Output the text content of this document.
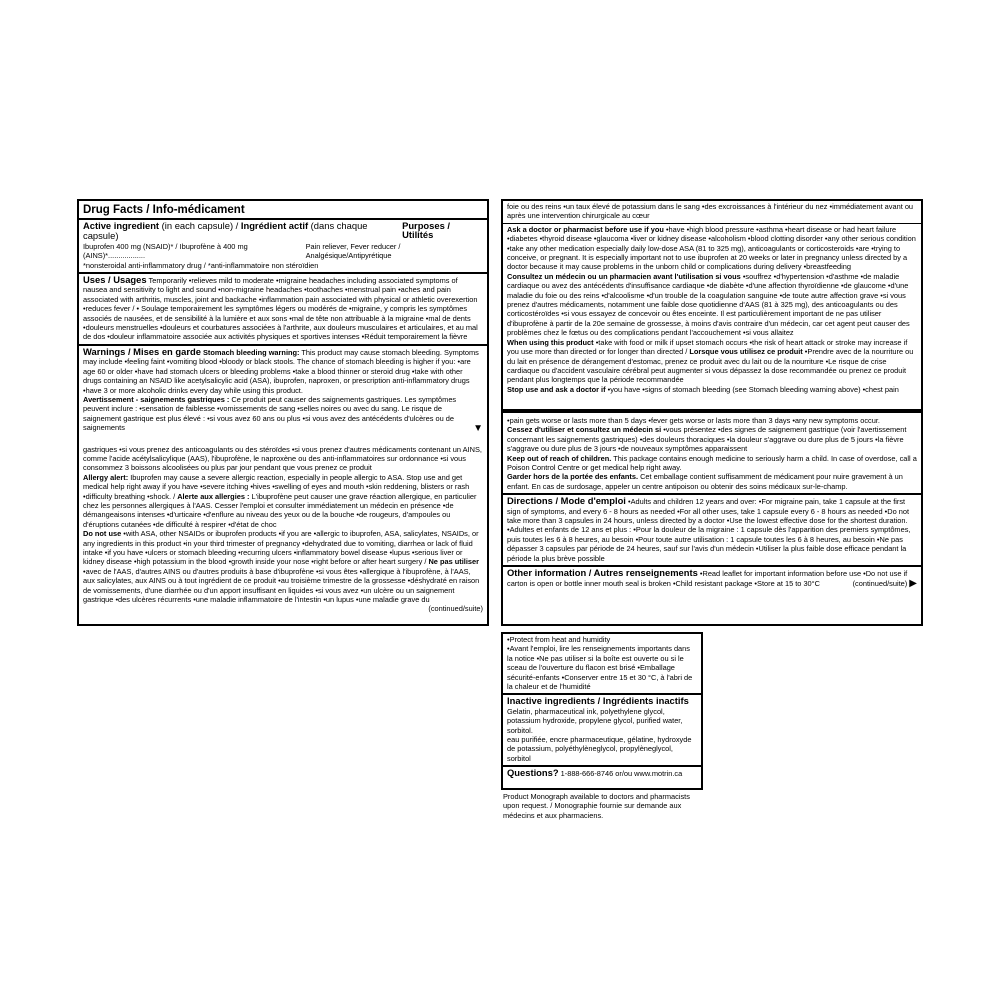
Drug Facts / Info-médicament
Active ingredient (in each capsule) / Ingrédient actif (dans chaque capsule)
Purposes / Utilités
Ibuprofen 400 mg (NSAID)* / Ibuprofène à 400 mg (AINS)*..................
Pain reliever, Fever reducer / Analgésique/Antipyrétique

*nonsteroidal anti-inflammatory drug / *anti-inflammatoire non stéroïdien

Uses / Usages Temporarily •relieves mild to moderate •migraine headaches including associated symptoms of nausea and sensitivity to light and sound •non-migraine headaches •toothaches •menstrual pain •aches and pain associated with arthritis, muscles, joint and backache •inflammation pain associated with physical or athletic overexertion •reduces fever / • Soulage temporairement les symptômes légers ou modérés de •migraine, y compris les symptômes associés de nausées, et de sensibilité à la lumière et aux sons •mal de tête non attribuable à la migraine •mal de dents •douleurs menstruelles •douleurs et courbatures associées à l'arthrite, aux douleurs musculaires et articulaires, et au mal de dos •douleur inflammatoire associée aux activités physiques et sportives intenses •Réduit temporairement la fièvre

Warnings / Mises en garde Stomach bleeding warning: This product may cause stomach bleeding. Symptoms may include •feeling faint •vomiting blood •bloody or black stools. The chance of stomach bleeding is higher if you: •are age 60 or older •have had stomach ulcers or bleeding problems •take a blood thinner or steroid drug •take with other drugs containing an NSAID like acetylsalicylic acid (ASA), ibuprofen, naproxen, or prescription anti-inflammatory drugs •have 3 or more alcoholic drinks every day while using this product.

Avertissement - saignements gastriques : Ce produit peut causer des saignements gastriques. Les symptômes peuvent inclure : •sensation de faiblesse •vomissements de sang •selles noires ou avec du sang. Le risque de saignement gastrique est plus élevé : •si vous avez 60 ans ou plus •si vous avez des antécédents d'ulcères ou de saignements	▼

gastriques •si vous prenez des anticoagulants ou des stéroïdes •si vous prenez d'autres médicaments contenant un AINS, comme l'acide acétylsalicylique (AAS), l'ibuprofène, le naproxène ou des anti-inflammatoires sur ordonnance •si vous consommez 3 boissons alcoolisées ou plus par jour pendant que vous prenez ce produit

Allergy alert: Ibuprofen may cause a severe allergic reaction, especially in people allergic to ASA. Stop use and get medical help right away if you have •severe itching •hives •swelling of eyes and mouth •skin reddening, blisters or rash •difficulty breathing •shock. / Alerte aux allergies : L'ibuprofène peut causer une grave réaction allergique, en particulier chez les personnes allergiques à l'AAS. Cesser l'emploi et consulter immédiatement un médecin en présence •de démangeaisons intenses •d'urticaire •d'enflure au niveau des yeux ou de la bouche •de rougeurs, d'ampoules ou d'éruptions cutanées •de difficulté à respirer •d'état de choc

Do not use •with ASA, other NSAIDs or ibuprofen products •if you are •allergic to ibuprofen, ASA, salicylates, NSAIDs, or any ingredients in this product •in your third trimester of pregnancy •dehydrated due to vomiting, diarrhea or lack of fluid intake •if you have •ulcers or stomach bleeding •recurring ulcers •inflammatory bowel disease •lupus •serious liver or kidney disease •high potassium in the blood •growth inside your nose •right before or after heart surgery / Ne pas utiliser •avec de l'AAS, d'autres AINS ou d'autres produits à base d'ibuprofène •si vous êtes •allergique à l'ibuprofène, à l'AAS, aux salicylates, aux AINS ou à tout ingrédient de ce produit •au troisième trimestre de la grossesse •déshydraté en raison de vomissements, d'une diarrhée ou d'un apport insuffisant en liquides •si vous avez •un ulcère ou un saignement gastrique •des ulcères récurrents •une maladie inflammatoire de l'intestin •un lupus •une maladie grave du
(continued/suite)

foie ou des reins •un taux élevé de potassium dans le sang •des excroissances à l'intérieur du nez •immédiatement avant ou après une intervention chirurgicale au cœur

Ask a doctor or pharmacist before use if you •have •high blood pressure •asthma •heart disease or had heart failure •diabetes •thyroid disease •glaucoma •liver or kidney disease •alcoholism •blood clotting disorder •any other serious condition •take any other medication especially daily low-dose ASA (81 to 325 mg), anticoagulants or corticosteroids •are •trying to conceive, or pregnant. It is especially important not to use ibuprofen at 20 weeks or later in pregnancy unless directed by a doctor because it may cause problems in the unborn child or complications during delivery •breastfeeding

Consultez un médecin ou un pharmacien avant l'utilisation si vous •souffrez •d'hypertension •d'asthme •de maladie cardiaque ou avez des antécédents d'insuffisance cardiaque •de diabète •d'une affection thyroïdienne •de glaucome •d'une maladie du foie ou des reins •d'alcoolisme •d'un trouble de la coagulation sanguine •de toute autre affection grave •si vous prenez d'autres médicaments, notamment une faible dose quotidienne d'AAS (81 à 325 mg), des anticoagulants ou des corticostéroïdes •si vous essayez de concevoir ou êtes enceinte. Il est particulièrement important de ne pas utiliser d'ibuprofène à partir de la 20e semaine de grossesse, à moins d'avis contraire d'un médecin, car cet agent peut causer des problèmes chez le fœtus ou des complications pendant l'accouchement •si vous allaitez

When using this product •take with food or milk if upset stomach occurs •the risk of heart attack or stroke may increase if you use more than directed or for longer than directed / Lorsque vous utilisez ce produit •Prendre avec de la nourriture ou du lait en présence de dérangement d'estomac, prenez ce produit avec du lait ou de la nourriture •Le risque de crise cardiaque ou d'accident vasculaire cérébral peut augmenter si vous dépassez la dose recommandée ou prenez ce produit pendant plus longtemps que la période recommandée

Stop use and ask a doctor if •you have •signs of stomach bleeding (see Stomach bleeding warning above) •chest pain

•pain gets worse or lasts more than 5 days •fever gets worse or lasts more than 3 days •any new symptoms occur.

Cessez d'utiliser et consultez un médecin si •vous présentez •des signes de saignement gastrique (voir l'avertissement concernant les saignements gastriques) •des douleurs thoraciques •la douleur s'aggrave ou dure plus de 5 jours •la fièvre s'aggrave ou dure plus de 3 jours •de nouveaux symptômes apparaissent

Keep out of reach of children. This package contains enough medicine to seriously harm a child. In case of overdose, call a Poison Control Centre or get medical help right away.

Garder hors de la portée des enfants. Cet emballage contient suffisamment de médicament pour nuire gravement à un enfant. En cas de surdosage, appeler un centre antipoison ou obtenir des soins médicaux sur-le-champ.

Directions / Mode d'emploi •Adults and children 12 years and over: •For migraine pain, take 1 capsule at the first sign of symptoms, and every 6 - 8 hours as needed •For all other uses, take 1 capsule every 6 - 8 hours as needed •Do not take more than 3 capsules in 24 hours, unless directed by a doctor •Use the lowest effective dose for the shortest duration. •Adultes et enfants de 12 ans et plus : •Pour la douleur de la migraine : 1 capsule dès l'apparition des premiers symptômes, puis toutes les 6 à 8 heures, au besoin •Pour toute autre utilisation : 1 capsule toutes les 6 à 8 heures, au besoin •Ne pas dépasser 3 capsules par période de 24 heures, sauf sur l'avis d'un médecin •Utiliser la plus faible dose efficace pendant la période la plus brève possible

Other information / Autres renseignements •Read leaflet for important information before use •Do not use if carton is open or bottle inner mouth seal is broken •Child resistant package •Store at 15 to 30°C	(continued/suite) ▶

•Protect from heat and humidity

•Avant l'emploi, lire les renseignements importants dans la notice •Ne pas utiliser si la boîte est ouverte ou si le sceau de l'ouverture du flacon est brisé •Emballage sécurité-enfants •Conserver entre 15 et 30 °C, à l'abri de la chaleur et de l'humidité

Inactive ingredients / Ingrédients inactifs

Gelatin, pharmaceutical ink, polyethylene glycol, potassium hydroxide, propylene glycol, purified water, sorbitol.

eau purifiée, encre pharmaceutique, gélatine, hydroxyde de potassium, polyéthylèneglycol, propylèneglycol, sorbitol

Questions? 1-888-666-8746 or/ou www.motrin.ca

Product Monograph available to doctors and pharmacists upon request. / Monographie fournie sur demande aux médecins et aux pharmaciens.
